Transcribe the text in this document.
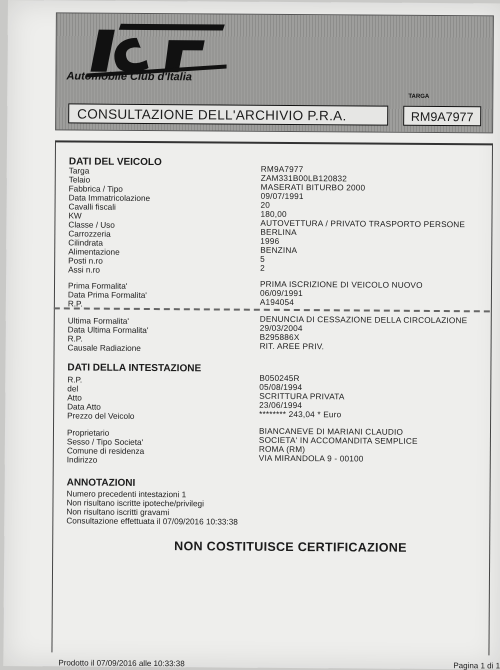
Automobile Club d'Italia
CONSULTAZIONE DELL'ARCHIVIO P.R.A.
TARGA
RM9A7977
DATI DEL VEICOLO
Targa	RM9A7977
Telaio	ZAM331B00LB120832
Fabbrica / Tipo	MASERATI BITURBO 2000
Data Immatricolazione	09/07/1991
Cavalli fiscali	20
KW	180,00
Classe / Uso	AUTOVETTURA / PRIVATO TRASPORTO PERSONE
Carrozzeria	BERLINA
Cilindrata	1996
Alimentazione	BENZINA
Posti n.ro	5
Assi n.ro	2
Prima Formalita'	PRIMA ISCRIZIONE DI VEICOLO NUOVO
Data Prima Formalita'	06/09/1991
R.P.	A194054
Ultima Formalita'	DENUNCIA DI CESSAZIONE DELLA CIRCOLAZIONE
Data Ultima Formalita'	29/03/2004
R.P.	B295886X
Causale Radiazione	RIT. AREE PRIV.
DATI DELLA INTESTAZIONE
R.P.	B050245R
del	05/08/1994
Atto	SCRITTURA PRIVATA
Data Atto	23/06/1994
Prezzo del Veicolo	******** 243,04 * Euro
Proprietario	BIANCANEVE DI MARIANI CLAUDIO
Sesso / Tipo Societa'	SOCIETA' IN ACCOMANDITA SEMPLICE
Comune di residenza	ROMA (RM)
Indirizzo	VIA MIRANDOLA 9 - 00100
ANNOTAZIONI
Numero precedenti intestazioni 1
Non risultano iscritte ipoteche/privilegi
Non risultano iscritti gravami
Consultazione effettuata il 07/09/2016 10:33:38
NON COSTITUISCE CERTIFICAZIONE
Prodotto il 07/09/2016 alle 10:33:38	Pagina 1 di 1
